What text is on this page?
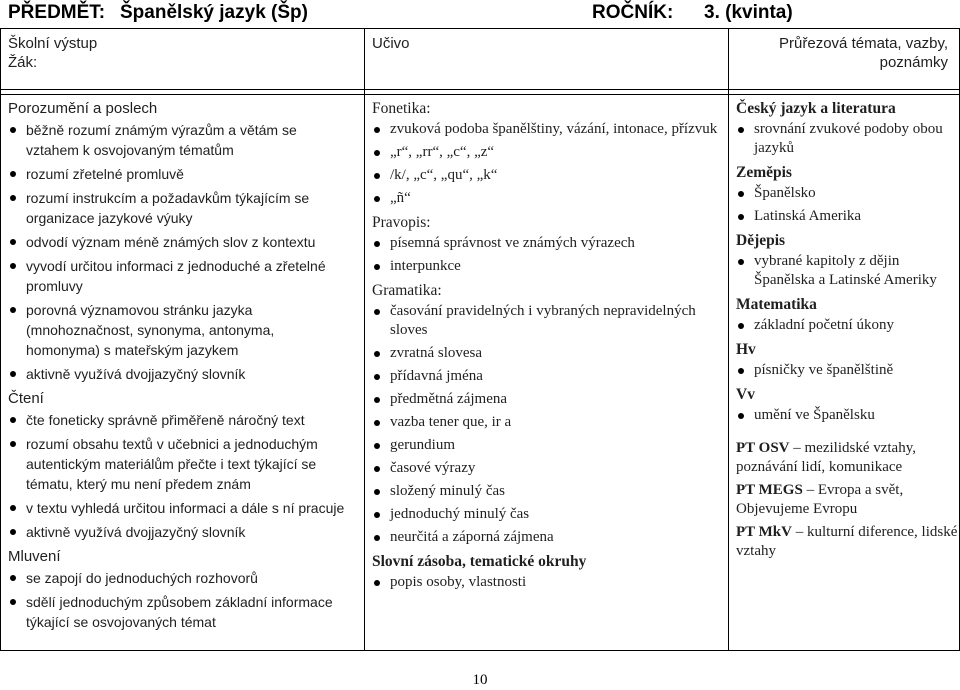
PŘEDMĚT: Španělský jazyk (Šp)	ROČNÍK: 3. (kvinta)
Školní výstup
Žák:
Učivo	Průřezová témata, vazby, poznámky

Porozumění a poslech

běžně rozumí známým výrazům a větám se vztahem k osvojovaným tématům
rozumí zřetelné promluvě
rozumí instrukcím a požadavkům týkajícím se organizace jazykové výuky
odvodí význam méně známých slov z kontextu
vyvodí určitou informaci z jednoduché a zřetelné promluvy
porovná významovou stránku jazyka (mnohoznačnost, synonyma, antonyma, homonyma) s mateřským jazykem
aktivně využívá dvojjazyčný slovník

Čtení

čte foneticky správně přiměřeně náročný text
rozumí obsahu textů v učebnici a jednoduchým autentickým materiálům přečte i text týkající se tématu, který mu není předem znám
v textu vyhledá určitou informaci a dále s ní pracuje
aktivně využívá dvojjazyčný slovník

Mluvení

se zapojí do jednoduchých rozhovorů
sdělí jednoduchým způsobem základní informace týkající se osvojovaných témat

Fonetika:

zvuková podoba španělštiny, vázání, intonace, přízvuk
„r“, „rr“, „c“, „z“
/k/, „c“, „qu“, „k“
„ñ“

Pravopis:

písemná správnost ve známých výrazech
interpunkce

Gramatika:

časování pravidelných i vybraných nepravidelných sloves
zvratná slovesa
přídavná jména
předmětná zájmena
vazba tener que, ir a
gerundium
časové výrazy
složený minulý čas
jednoduchý minulý čas
neurčitá a záporná zájmena

Slovní zásoba, tematické okruhy

popis osoby, vlastnosti

Český jazyk a literatura

srovnání zvukové podoby obou jazyků

Zeměpis

Španělsko
Latinská Amerika

Dějepis

vybrané kapitoly z dějin Španělska a Latinské Ameriky

Matematika

základní početní úkony

Hv

písničky ve španělštině

Vv

umění ve Španělsku

PT OSV – mezilidské vztahy, poznávání lidí, komunikace

PT MEGS – Evropa a svět, Objevujeme Evropu

PT MkV – kulturní diference, lidské vztahy

10
